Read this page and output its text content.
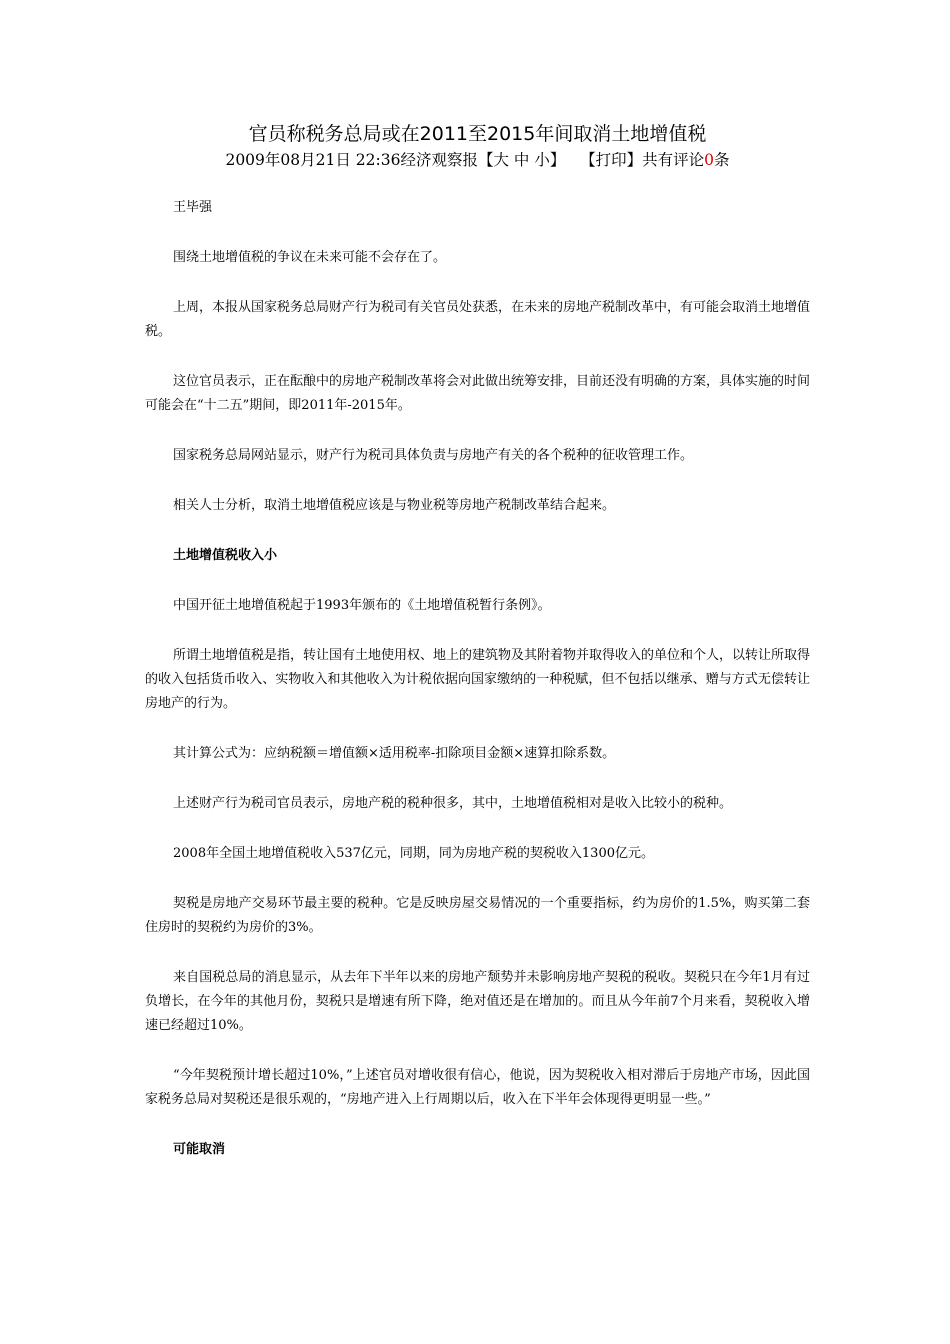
官员称税务总局或在2011至2015年间取消土地增值税
2009年08月21日 22:36经济观察报【大 中 小】 【打印】共有评论0条

王毕强

围绕土地增值税的争议在未来可能不会存在了。

上周，本报从国家税务总局财产行为税司有关官员处获悉，在未来的房地产税制改革中，有可能会取消土地增值税。

这位官员表示，正在酝酿中的房地产税制改革将会对此做出统筹安排，目前还没有明确的方案，具体实施的时间可能会在“十二五”期间，即2011年-2015年。

国家税务总局网站显示，财产行为税司具体负责与房地产有关的各个税种的征收管理工作。

相关人士分析，取消土地增值税应该是与物业税等房地产税制改革结合起来。

土地增值税收入小

中国开征土地增值税起于1993年颁布的《土地增值税暂行条例》。

所谓土地增值税是指，转让国有土地使用权、地上的建筑物及其附着物并取得收入的单位和个人，以转让所取得的收入包括货币收入、实物收入和其他收入为计税依据向国家缴纳的一种税赋，但不包括以继承、赠与方式无偿转让房地产的行为。

其计算公式为：应纳税额＝增值额×适用税率-扣除项目金额×速算扣除系数。

上述财产行为税司官员表示，房地产税的税种很多，其中，土地增值税相对是收入比较小的税种。

2008年全国土地增值税收入537亿元，同期，同为房地产税的契税收入1300亿元。

契税是房地产交易环节最主要的税种。它是反映房屋交易情况的一个重要指标，约为房价的1.5%，购买第二套住房时的契税约为房价的3%。

来自国税总局的消息显示，从去年下半年以来的房地产颓势并未影响房地产契税的税收。契税只在今年1月有过负增长，在今年的其他月份，契税只是增速有所下降，绝对值还是在增加的。而且从今年前7个月来看，契税收入增速已经超过10%。

“今年契税预计增长超过10%，”上述官员对增收很有信心，他说，因为契税收入相对滞后于房地产市场，因此国家税务总局对契税还是很乐观的，“房地产进入上行周期以后，收入在下半年会体现得更明显一些。”

可能取消
